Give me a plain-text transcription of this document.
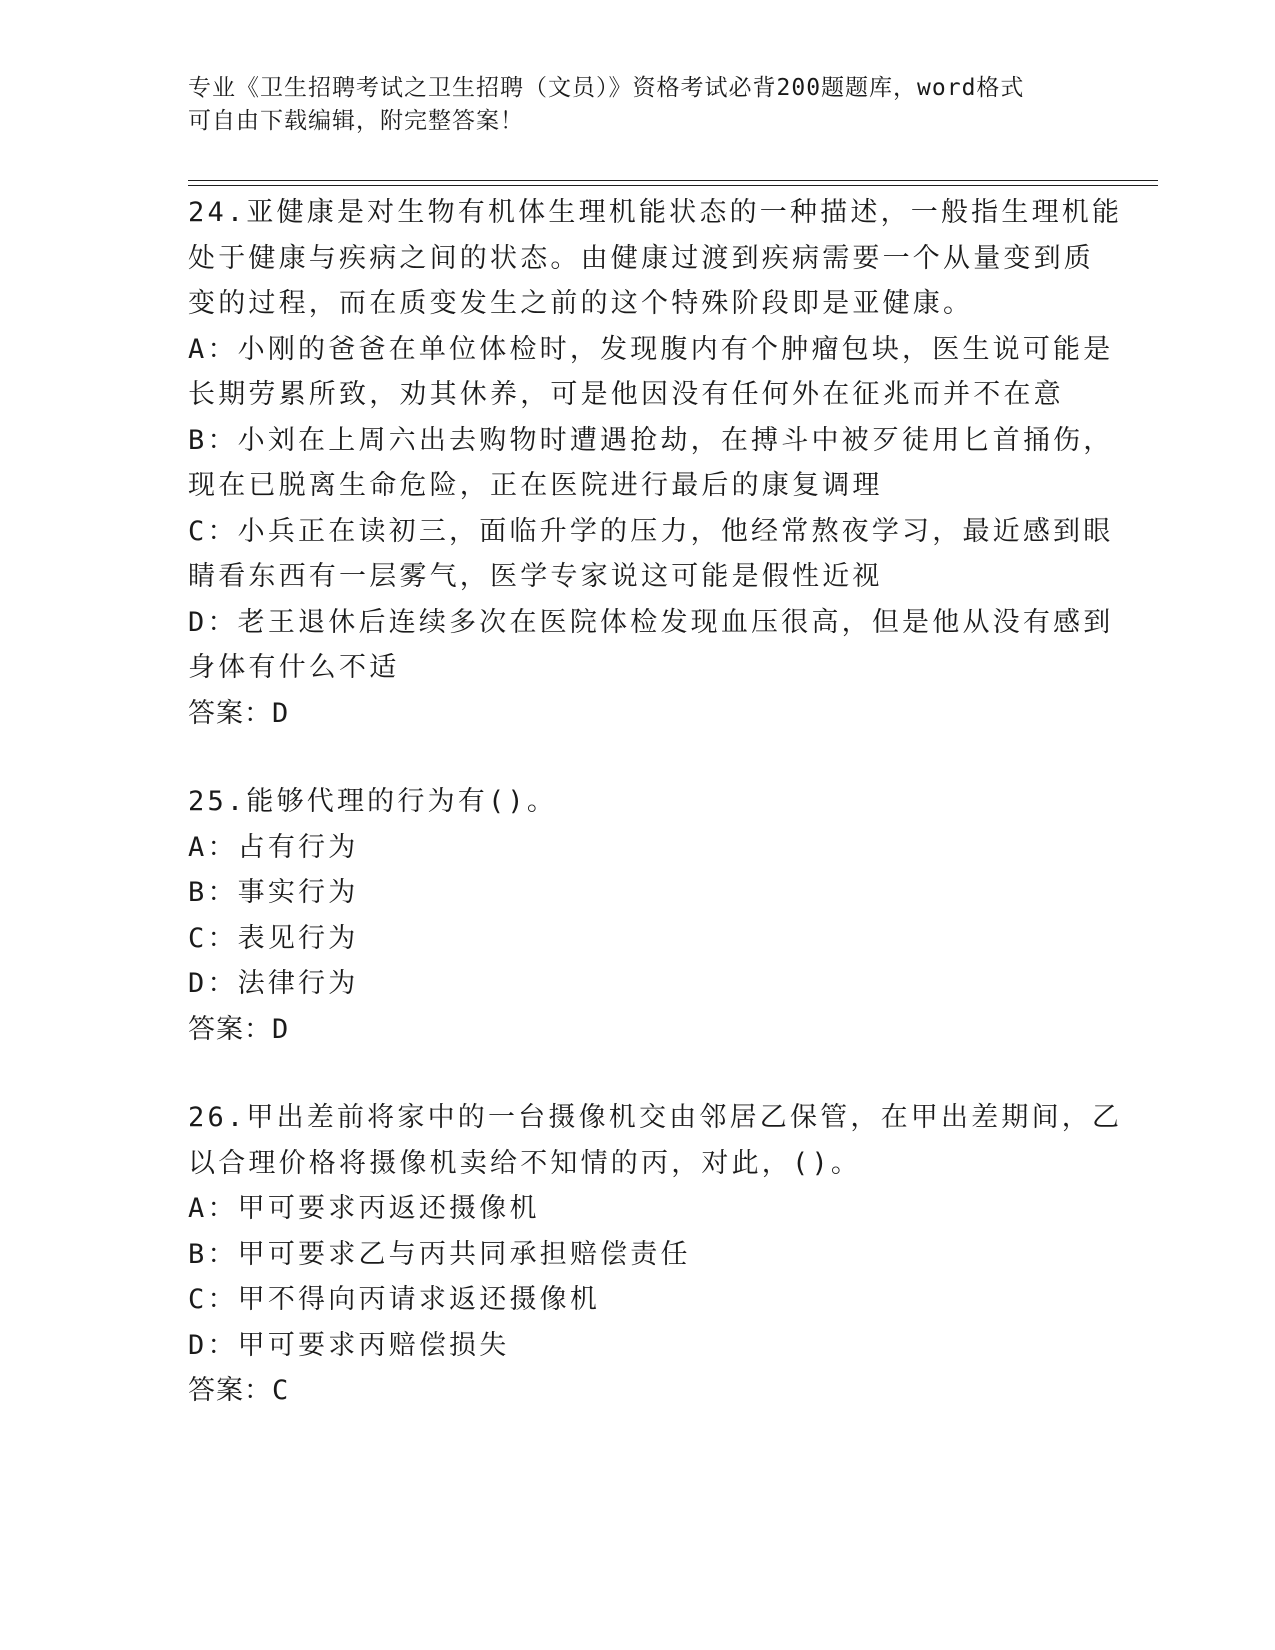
专业《卫生招聘考试之卫生招聘（文员）》资格考试必背200题题库，word格式
可自由下载编辑，附完整答案！
24.亚健康是对生物有机体生理机能状态的一种描述，一般指生理机能
处于健康与疾病之间的状态。由健康过渡到疾病需要一个从量变到质
变的过程，而在质变发生之前的这个特殊阶段即是亚健康。
A：小刚的爸爸在单位体检时，发现腹内有个肿瘤包块，医生说可能是
长期劳累所致，劝其休养，可是他因没有任何外在征兆而并不在意
B：小刘在上周六出去购物时遭遇抢劫，在搏斗中被歹徒用匕首捅伤，
现在已脱离生命危险，正在医院进行最后的康复调理
C：小兵正在读初三，面临升学的压力，他经常熬夜学习，最近感到眼
睛看东西有一层雾气，医学专家说这可能是假性近视
D：老王退休后连续多次在医院体检发现血压很高，但是他从没有感到
身体有什么不适
答案：D
25.能够代理的行为有()。
A：占有行为
B：事实行为
C：表见行为
D：法律行为
答案：D
26.甲出差前将家中的一台摄像机交由邻居乙保管，在甲出差期间，乙
以合理价格将摄像机卖给不知情的丙，对此，()。
A：甲可要求丙返还摄像机
B：甲可要求乙与丙共同承担赔偿责任
C：甲不得向丙请求返还摄像机
D：甲可要求丙赔偿损失
答案：C
